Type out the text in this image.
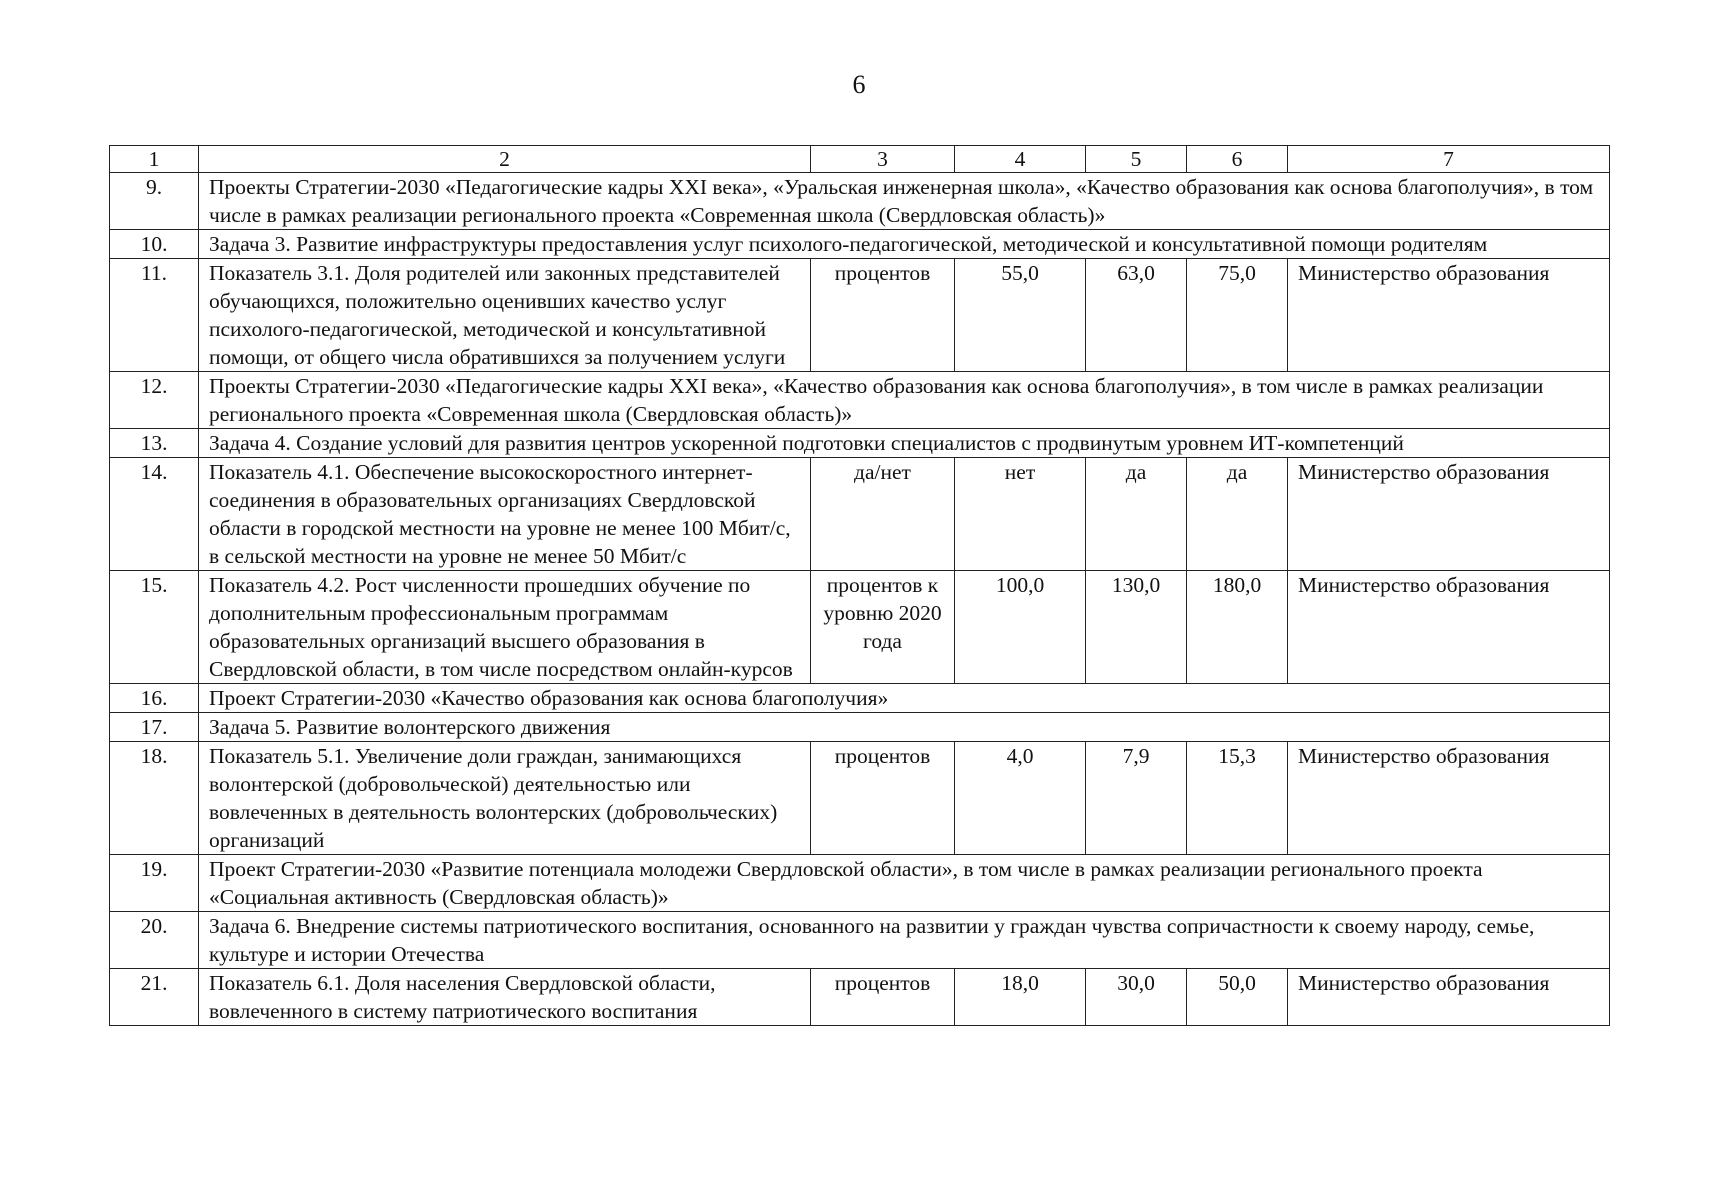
6
1	2	3	4	5	6	7
9.	Проекты Стратегии-2030 «Педагогические кадры XXI века», «Уральская инженерная школа», «Качество образования как основа благополучия», в том числе в рамках реализации регионального проекта «Современная школа (Свердловская область)»					
10.	Задача 3. Развитие инфраструктуры предоставления услуг психолого-педагогической, методической и консультативной помощи родителям					
11.	Показатель 3.1. Доля родителей или законных представителей обучающихся, положительно оценивших качество услуг психолого-педагогической, методической и консультативной помощи, от общего числа обратившихся за получением услуги	процентов	55,0	63,0	75,0	Министерство образования
12.	Проекты Стратегии-2030 «Педагогические кадры XXI века», «Качество образования как основа благополучия», в том числе в рамках реализации регионального проекта «Современная школа (Свердловская область)»					
13.	Задача 4. Создание условий для развития центров ускоренной подготовки специалистов с продвинутым уровнем ИТ-компетенций					
14.	Показатель 4.1. Обеспечение высокоскоростного интернет-соединения в образовательных организациях Свердловской области в городской местности на уровне не менее 100 Мбит/с, в сельской местности на уровне не менее 50 Мбит/с	да/нет	нет	да	да	Министерство образования
15.	Показатель 4.2. Рост численности прошедших обучение по дополнительным профессиональным программам образовательных организаций высшего образования в Свердловской области, в том числе посредством онлайн-курсов	процентов к уровню 2020 года	100,0	130,0	180,0	Министерство образования
16.	Проект Стратегии-2030 «Качество образования как основа благополучия»					
17.	Задача 5. Развитие волонтерского движения					
18.	Показатель 5.1. Увеличение доли граждан, занимающихся волонтерской (добровольческой) деятельностью или вовлеченных в деятельность волонтерских (добровольческих) организаций	процентов	4,0	7,9	15,3	Министерство образования
19.	Проект Стратегии-2030 «Развитие потенциала молодежи Свердловской области», в том числе в рамках реализации регионального проекта «Социальная активность (Свердловская область)»					
20.	Задача 6. Внедрение системы патриотического воспитания, основанного на развитии у граждан чувства сопричастности к своему народу, семье, культуре и истории Отечества					
21.	Показатель 6.1. Доля населения Свердловской области, вовлеченного в систему патриотического воспитания	процентов	18,0	30,0	50,0	Министерство образования
